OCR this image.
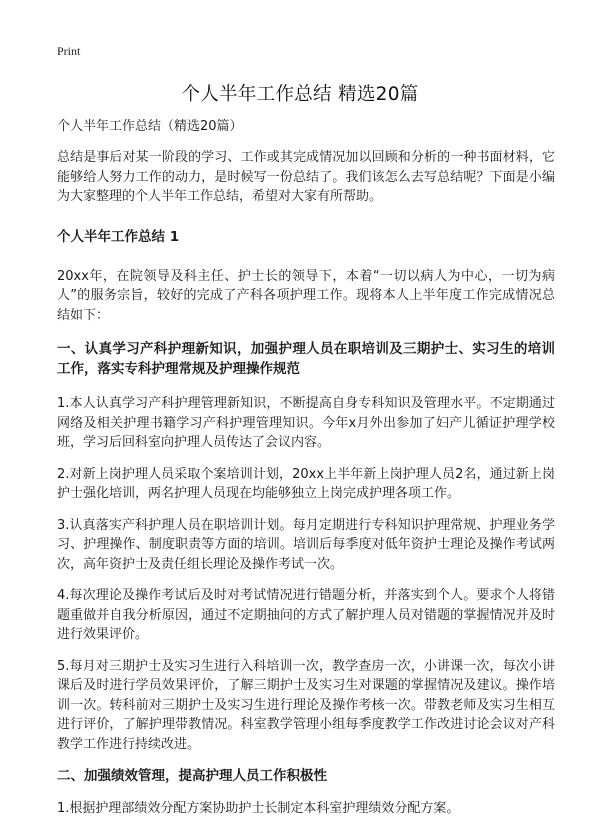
Print
个人半年工作总结 精选20篇

个人半年工作总结（精选20篇）

总结是事后对某一阶段的学习、工作或其完成情况加以回顾和分析的一种书面材料，它能够给人努力工作的动力，是时候写一份总结了。我们该怎么去写总结呢？下面是小编为大家整理的个人半年工作总结，希望对大家有所帮助。

个人半年工作总结 1

20xx年，在院领导及科主任、护士长的领导下，本着“一切以病人为中心，一切为病人”的服务宗旨，较好的完成了产科各项护理工作。现将本人上半年度工作完成情况总结如下：

一、认真学习产科护理新知识，加强护理人员在职培训及三期护士、实习生的培训工作，落实专科护理常规及护理操作规范

1.本人认真学习产科护理管理新知识，不断提高自身专科知识及管理水平。不定期通过网络及相关护理书籍学习产科护理管理知识。今年x月外出参加了妇产儿循证护理学校班，学习后回科室向护理人员传达了会议内容。

2.对新上岗护理人员采取个案培训计划，20xx上半年新上岗护理人员2名，通过新上岗护士强化培训，两名护理人员现在均能够独立上岗完成护理各项工作。

3.认真落实产科护理人员在职培训计划。每月定期进行专科知识护理常规、护理业务学习、护理操作、制度职责等方面的培训。培训后每季度对低年资护士理论及操作考试两次，高年资护士及责任组长理论及操作考试一次。

4.每次理论及操作考试后及时对考试情况进行错题分析，并落实到个人。要求个人将错题重做并自我分析原因，通过不定期抽问的方式了解护理人员对错题的掌握情况并及时进行效果评价。

5.每月对三期护士及实习生进行入科培训一次，教学查房一次，小讲课一次，每次小讲课后及时进行学员效果评价，了解三期护士及实习生对课题的掌握情况及建议。操作培训一次。转科前对三期护士及实习生进行理论及操作考核一次。带教老师及实习生相互进行评价，了解护理带教情况。科室教学管理小组每季度教学工作改进讨论会议对产科教学工作进行持续改进。

二、加强绩效管理，提高护理人员工作积极性

1.根据护理部绩效分配方案协助护士长制定本科室护理绩效分配方案。
